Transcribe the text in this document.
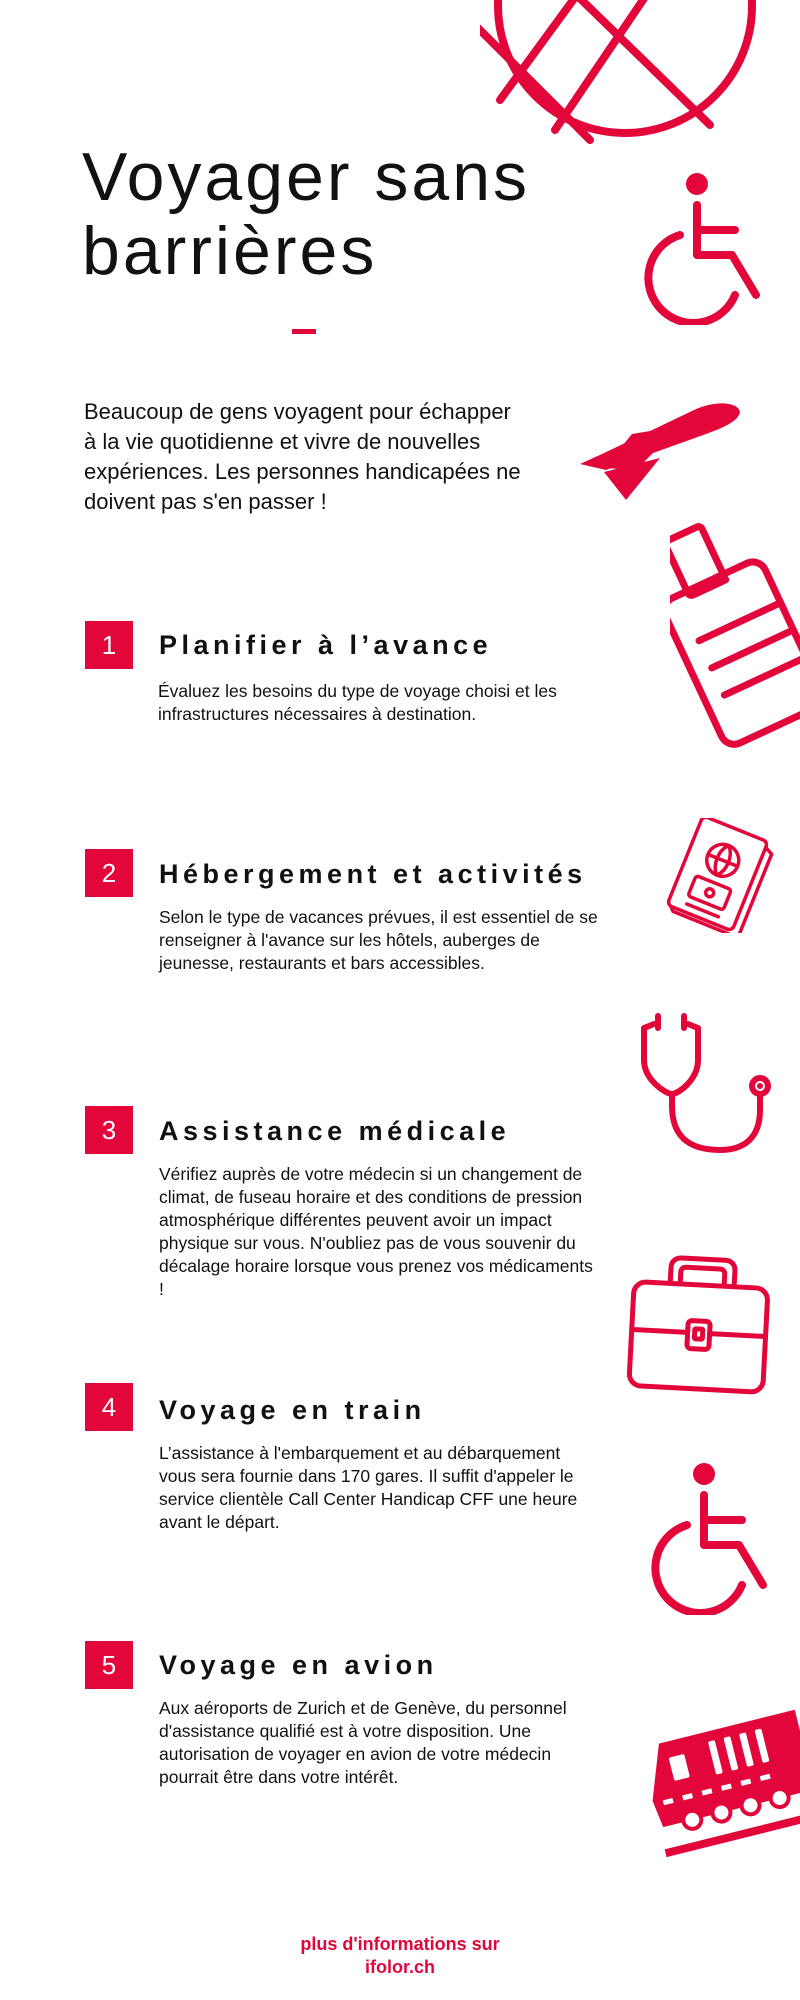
Voyager sans
barrières

Beaucoup de gens voyagent pour échapper à la vie quotidienne et vivre de nouvelles expériences. Les personnes handicapées ne doivent pas s'en passer !

1	Planifier à l’avance

Évaluez les besoins du type de voyage choisi et les infrastructures nécessaires à destination.

2	Hébergement et activités

Selon le type de vacances prévues, il est essentiel de se renseigner à l'avance sur les hôtels, auberges de jeunesse, restaurants et bars accessibles.

3	Assistance médicale

Vérifiez auprès de votre médecin si un changement de climat, de fuseau horaire et des conditions de pression atmosphérique différentes peuvent avoir un impact physique sur vous. N'oubliez pas de vous souvenir du décalage horaire lorsque vous prenez vos médicaments !

4	Voyage en train

L’assistance à l'embarquement et au débarquement vous sera fournie dans 170 gares. Il suffit d'appeler le service clientèle Call Center Handicap CFF une heure avant le départ.

5	Voyage en avion

Aux aéroports de Zurich et de Genève, du personnel d'assistance qualifié est à votre disposition. Une autorisation de voyager en avion de votre médecin pourrait être dans votre intérêt.

plus d'informations sur
ifolor.ch
